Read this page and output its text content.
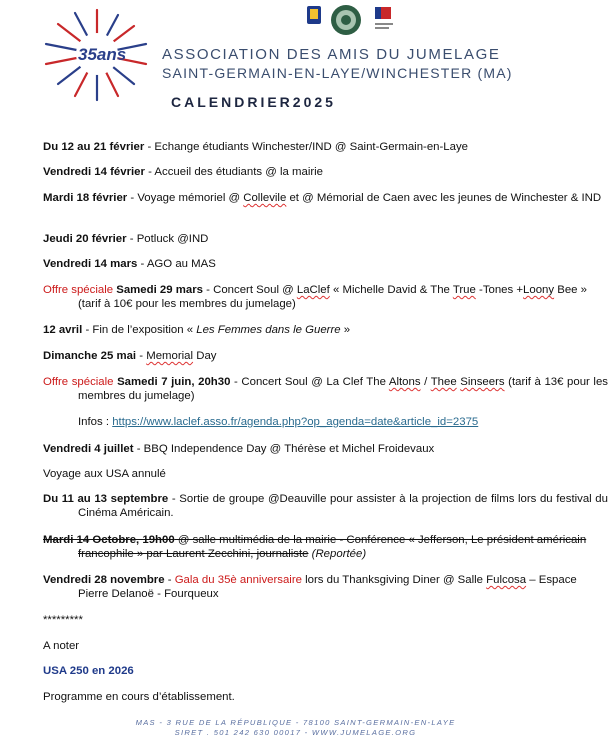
35ans ASSOCIATION DES AMIS DU JUMELAGE
SAINT-GERMAIN-EN-LAYE/WINCHESTER (MA)
CALENDRIER2025
Du 12 au 21 février - Echange étudiants Winchester/IND @ Saint-Germain-en-Laye
Vendredi 14 février - Accueil des étudiants @ la mairie
Mardi 18 février - Voyage mémoriel @ Collevile et @ Mémorial de Caen avec les jeunes de Winchester & IND
Jeudi 20 février - Potluck @IND
Vendredi 14 mars - AGO au MAS
Offre spéciale Samedi 29 mars - Concert Soul @ LaClef « Michelle David & The True -Tones +Loony Bee » (tarif à 10€ pour les membres du jumelage)
12 avril - Fin de l’exposition « Les Femmes dans le Guerre »
Dimanche 25 mai - Memorial Day
Offre spéciale Samedi 7 juin, 20h30 - Concert Soul @ La Clef The Altons / Thee Sinseers (tarif à 13€ pour les membres du jumelage)
Infos : https://www.laclef.asso.fr/agenda.php?op_agenda=date&article_id=2375
Vendredi 4 juillet - BBQ Independence Day @ Thérèse et Michel Froidevaux
Voyage aux USA annulé
Du 11 au 13 septembre - Sortie de groupe @Deauville pour assister à la projection de films lors du festival du Cinéma Américain.
Mardi 14 Octobre, 19h00 @ salle multimédia de la mairie - Conférence « Jefferson, Le président américain francophile » par Laurent Zecchini, journaliste (Reportée)
Vendredi 28 novembre - Gala du 35è anniversaire lors du Thanksgiving Diner @ Salle Fulcosa – Espace Pierre Delanoë - Fourqueux
*********
A noter
USA 250 en 2026
Programme en cours d’établissement.
MAS - 3 RUE DE LA RÉPUBLIQUE - 78100 SAINT-GERMAIN-EN-LAYE
SIRET . 501 242 630 00017 - WWW.JUMELAGE.ORG
